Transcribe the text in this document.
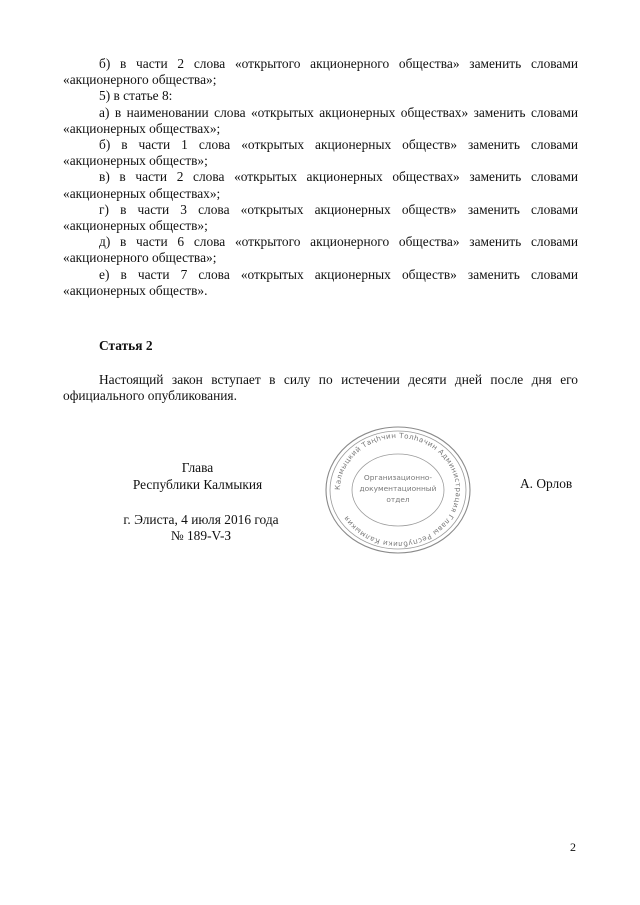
б) в части 2 слова «открытого акционерного общества» заменить словами «акционерного общества»;

5) в статье 8:

а) в наименовании слова «открытых акционерных обществах» заменить словами «акционерных обществах»;

б) в части 1 слова «открытых акционерных обществ» заменить словами «акционерных обществ»;

в) в части 2 слова «открытых акционерных обществах» заменить словами «акционерных обществах»;

г) в части 3 слова «открытых акционерных обществ» заменить словами «акционерных обществ»;

д) в части 6 слова «открытого акционерного общества» заменить словами «акционерного общества»;

е) в части 7 слова «открытых акционерных обществ» заменить словами «акционерных обществ».

Статья 2

Настоящий закон вступает в силу по истечении десяти дней после дня его официального опубликования.

Глава
Республики Калмыкия	Калмыцкий Таңһчин Толһачин Администрация Главы Республики Калмыкия
Организационно-
документационный
отдел
А. Орлов
г. Элиста, 4 июля 2016 года
№ 189-V-З
2
